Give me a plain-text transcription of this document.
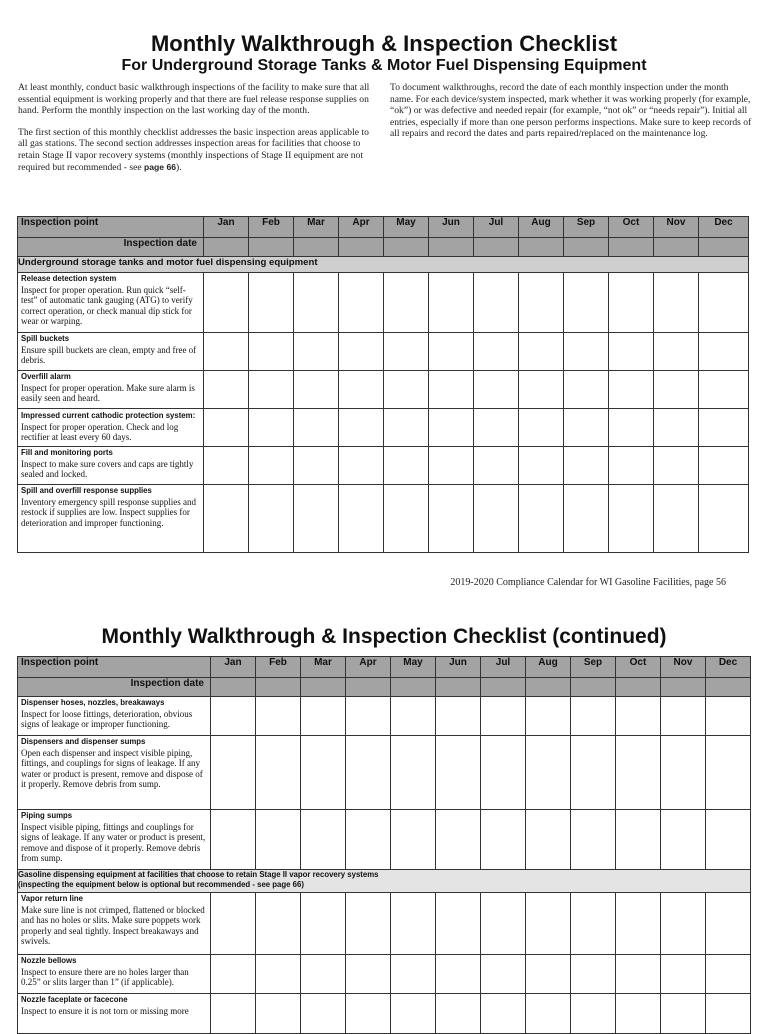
Monthly Walkthrough & Inspection Checklist
For Underground Storage Tanks & Motor Fuel Dispensing Equipment

At least monthly, conduct basic walkthrough inspections of the facility to make sure that all essential equipment is working properly and that there are fuel release response supplies on hand. Perform the monthly inspection on the last working day of the month.

The first section of this monthly checklist addresses the basic inspection areas applicable to all gas stations. The second section addresses inspection areas for facilities that choose to retain Stage II vapor recovery systems (monthly inspections of Stage II equipment are not required but recommended - see page 66).

To document walkthroughs, record the date of each monthly inspection under the month name. For each device/system inspected, mark whether it was working properly (for example, “ok”) or was defective and needed repair (for example, “not ok” or “needs repair”). Initial all entries, especially if more than one person performs inspections. Make sure to keep records of all repairs and record the dates and parts repaired/replaced on the maintenance log.

Inspection point	Jan	Feb	Mar	Apr	May	Jun	Jul	Aug	Sep	Oct	Nov	Dec
Inspection date												
Underground storage tanks and motor fuel dispensing equipment												

Release detection system
Inspect for proper operation. Run quick “self-test” of automatic tank gauging (ATG) to verify correct operation, or check manual dip stick for wear or warping.												

Spill buckets
Ensure spill buckets are clean, empty and free of debris.												

Overfill alarm
Inspect for proper operation. Make sure alarm is easily seen and heard.												
Impressed current cathodic protection system: Inspect for proper operation. Check and log rectifier at least every 60 days.												

Fill and monitoring ports
Inspect to make sure covers and caps are tightly sealed and locked.												

Spill and overfill response supplies
Inventory emergency spill response supplies and restock if supplies are low. Inspect supplies for deterioration and improper functioning.												
2019-2020 Compliance Calendar for WI Gasoline Facilities, page 56
Monthly Walkthrough & Inspection Checklist (continued)
Inspection point	Jan	Feb	Mar	Apr	May	Jun	Jul	Aug	Sep	Oct	Nov	Dec
Inspection date												

Dispenser hoses, nozzles, breakaways
Inspect for loose fittings, deterioration, obvious signs of leakage or improper functioning.												

Dispensers and dispenser sumps
Open each dispenser and inspect visible piping, fittings, and couplings for signs of leakage. If any water or product is present, remove and dispose of it properly. Remove debris from sump.												

Piping sumps
Inspect visible piping, fittings and couplings for signs of leakage. If any water or product is present, remove and dispose of it properly. Remove debris from sump.												
Gasoline dispensing equipment at facilities that choose to retain Stage II vapor recovery systems
(inspecting the equipment below is optional but recommended - see page 66)												

Vapor return line
Make sure line is not crimped, flattened or blocked and has no holes or slits. Make sure poppets work properly and seal tightly. Inspect breakaways and swivels.												

Nozzle bellows
Inspect to ensure there are no holes larger than 0.25” or slits larger than 1” (if applicable).												

Nozzle faceplate or faceconе
Inspect to ensure it is not torn or missing more												
